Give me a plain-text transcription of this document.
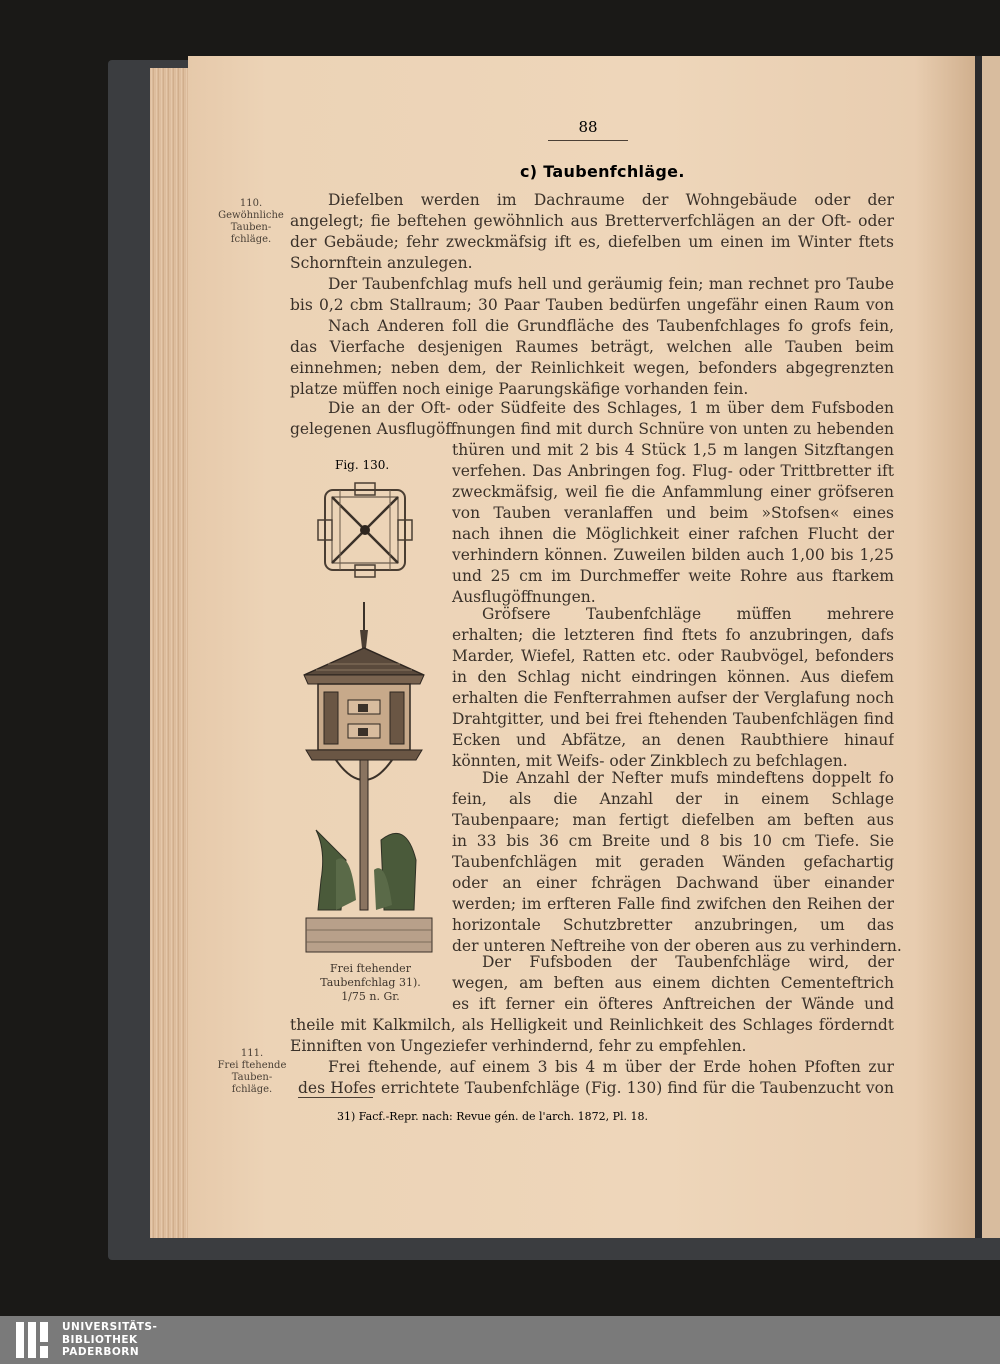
88
c) Taubenfchläge.
110.
Gewöhnliche
Tauben-
fchläge.
111.
Frei ftehende
Tauben-
fchläge.
Diefelben werden im Dachraume der Wohngebäude oder der
angelegt; fie beftehen gewöhnlich aus Bretterverfchlägen an der Oft- oder
der Gebäude; fehr zweckmäfsig ift es, diefelben um einen im Winter ftets
Schornftein anzulegen.
Der Taubenfchlag mufs hell und geräumig fein; man rechnet pro Taube
bis 0,2 cbm Stallraum; 30 Paar Tauben bedürfen ungefähr einen Raum von
Nach Anderen foll die Grundfläche des Taubenfchlages fo grofs fein,
das Vierfache desjenigen Raumes beträgt, welchen alle Tauben beim
einnehmen; neben dem, der Reinlichkeit wegen, befonders abgegrenzten
platze müffen noch einige Paarungskäfige vorhanden fein.
Die an der Oft- oder Südfeite des Schlages, 1 m über dem Fufsboden
gelegenen Ausflugöffnungen find mit durch Schnüre von unten zu hebenden
thüren und mit 2 bis 4 Stück 1,5 m langen Sitzftangen
verfehen. Das Anbringen fog. Flug- oder Trittbretter ift
zweckmäfsig, weil fie die Anfammlung einer gröfseren
von Tauben veranlaffen und beim »Stofsen« eines
nach ihnen die Möglichkeit einer rafchen Flucht der
verhindern können. Zuweilen bilden auch 1,00 bis 1,25
und 25 cm im Durchmeffer weite Rohre aus ftarkem
Ausflugöffnungen.
Gröfsere Taubenfchläge müffen mehrere
erhalten; die letzteren find ftets fo anzubringen, dafs
Marder, Wiefel, Ratten etc. oder Raubvögel, befonders
in den Schlag nicht eindringen können. Aus diefem
erhalten die Fenfterrahmen aufser der Verglafung noch
Drahtgitter, und bei frei ftehenden Taubenfchlägen find
Ecken und Abfätze, an denen Raubthiere hinauf
könnten, mit Weifs- oder Zinkblech zu befchlagen.
Die Anzahl der Nefter mufs mindeftens doppelt fo
fein, als die Anzahl der in einem Schlage
Taubenpaare; man fertigt diefelben am beften aus
in 33 bis 36 cm Breite und 8 bis 10 cm Tiefe. Sie
Taubenfchlägen mit geraden Wänden gefachartig
oder an einer fchrägen Dachwand über einander
werden; im erfteren Falle find zwifchen den Reihen der
horizontale Schutzbretter anzubringen, um das
der unteren Neftreihe von der oberen aus zu verhindern.
Der Fufsboden der Taubenfchläge wird, der
wegen, am beften aus einem dichten Cementeftrich
es ift ferner ein öfteres Anftreichen der Wände und
theile mit Kalkmilch, als Helligkeit und Reinlichkeit des Schlages förderndt
Einniften von Ungeziefer verhindernd, fehr zu empfehlen.
Frei ftehende, auf einem 3 bis 4 m über der Erde hohen Pfoften zur
des Hofes errichtete Taubenfchläge (Fig. 130) find für die Taubenzucht von
Fig. 130.
Frei ftehender Taubenfchlag 31).
1/75 n. Gr.
31) Facf.-Repr. nach: Revue gén. de l'arch. 1872, Pl. 18.
UNIVERSITÄTS-
BIBLIOTHEK
PADERBORN
